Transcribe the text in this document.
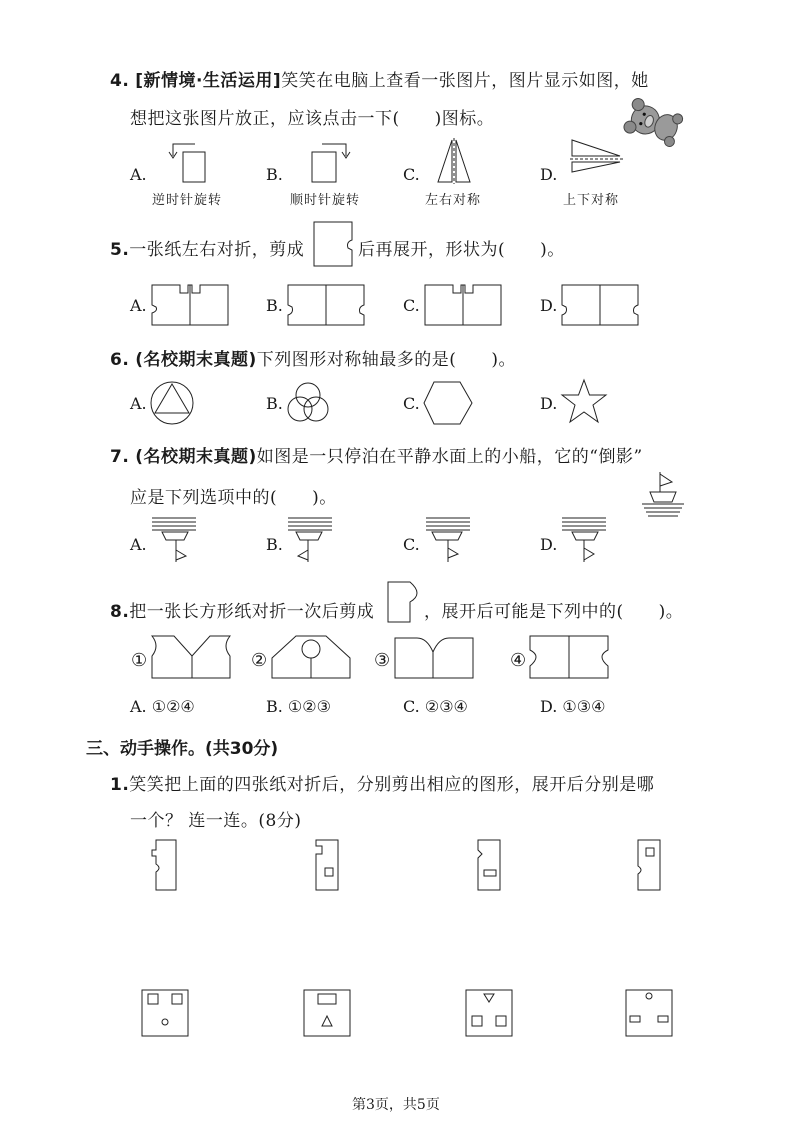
4. [新情境·生活运用]笑笑在电脑上查看一张图片，图片显示如图，她
想把这张图片放正，应该点击一下(　　)图标。
A.
逆时针旋转
B.
顺时针旋转
C.
左右对称
D.
上下对称
5.一张纸左右对折，剪成	后再展开，形状为(　　)。
A.	B.	C.	D.
6. (名校期末真题)下列图形对称轴最多的是(　　)。
A.	B.	C.	D.
7. (名校期末真题)如图是一只停泊在平静水面上的小船，它的“倒影”
应是下列选项中的(　　)。
A.	B.	C.	D.
8.把一张长方形纸对折一次后剪成	，展开后可能是下列中的(　　)。
①	②	③	④
A. ①②④	B. ①②③	C. ②③④	D. ①③④
三、动手操作。(共30分)
1.笑笑把上面的四张纸对折后，分别剪出相应的图形，展开后分别是哪
一个？ 连一连。(8分)
第3页，共5页
